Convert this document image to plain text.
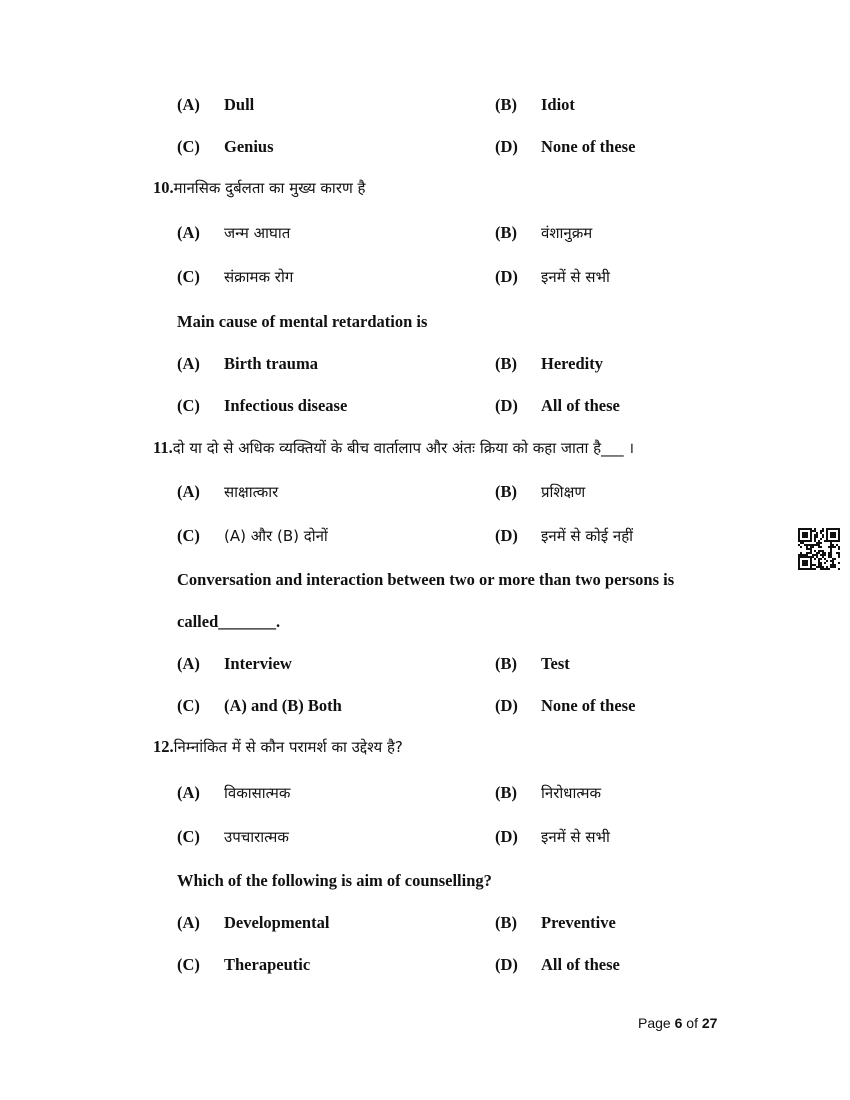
(A) Dull	(B) Idiot
(C) Genius	(D) None of these
10.मानसिक दुर्बलता का मुख्य कारण है
(A) जन्म आघात	(B) वंशानुक्रम
(C) संक्रामक रोग	(D) इनमें से सभी
Main cause of mental retardation is
(A) Birth trauma	(B) Heredity
(C) Infectious disease	(D) All of these
11.दो या दो से अधिक व्यक्तियों के बीच वार्तालाप और अंतः क्रिया को कहा जाता है___ ।
(A) साक्षात्कार	(B) प्रशिक्षण
(C) (A) और (B) दोनों	(D) इनमें से कोई नहीं
Conversation and interaction between two or more than two persons is
called_______.
(A) Interview	(B) Test
(C) (A) and (B) Both	(D) None of these
12.निम्नांकित में से कौन परामर्श का उद्देश्य है?
(A) विकासात्मक	(B) निरोधात्मक
(C) उपचारात्मक	(D) इनमें से सभी
Which of the following is aim of counselling?
(A) Developmental	(B) Preventive
(C) Therapeutic	(D) All of these
Page 6 of 27
